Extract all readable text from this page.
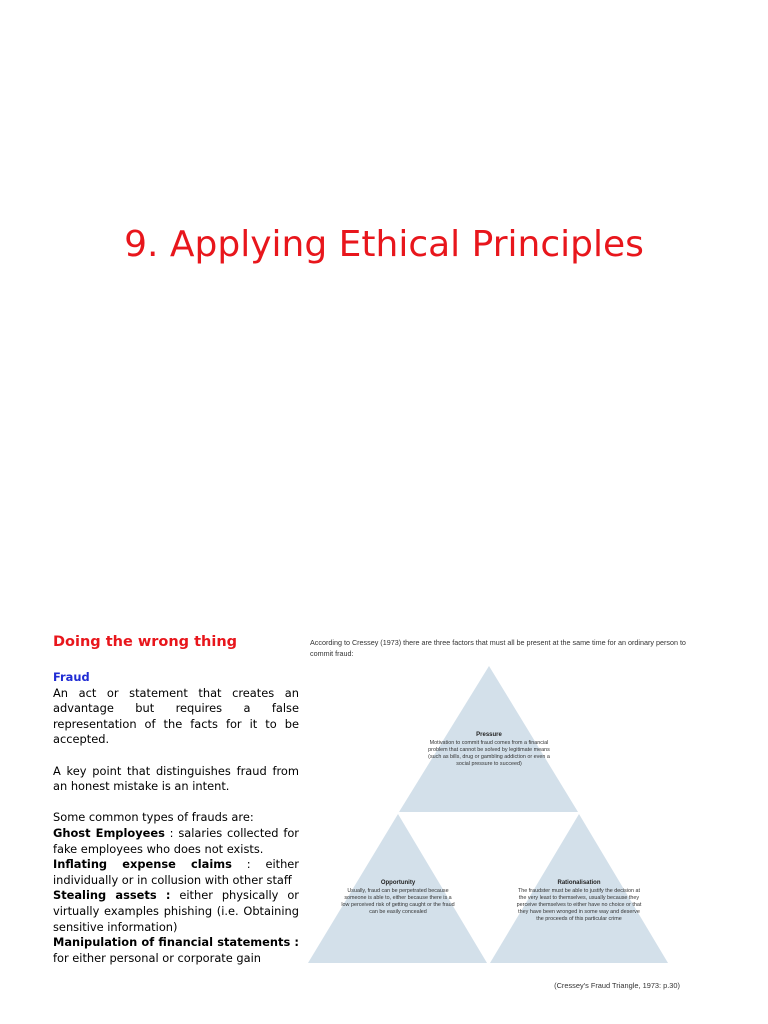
9. Applying Ethical Principles
Doing the wrong thing
Fraud

An act or statement that creates an advantage but requires a false representation of the facts for it to be accepted.

A key point that distinguishes fraud from an honest mistake is an intent.

Some common types of frauds are:

Ghost Employees : salaries collected for fake employees who does not exists.

Inflating expense claims : either individually or in collusion with other staff

Stealing assets : either physically or virtually examples phishing (i.e. Obtaining sensitive information)

Manipulation of financial statements : for either personal or corporate gain

According to Cressey (1973) there are three factors that must all be present at the same time for an ordinary person to commit fraud:
Pressure
Motivation to commit fraud comes from a financial problem that cannot be solved by legitimate means (such as bills, drug or gambling addiction or even a social pressure to succeed)
Opportunity
Usually, fraud can be perpetrated because someone is able to, either because there is a low perceived risk of getting caught or the fraud can be easily concealed
Rationalisation
The fraudster must be able to justify the decision at the very least to themselves, usually because they perceive themselves to either have no choice or that they have been wronged in some way and deserve the proceeds of this particular crime
(Cressey's Fraud Triangle, 1973: p.30)
